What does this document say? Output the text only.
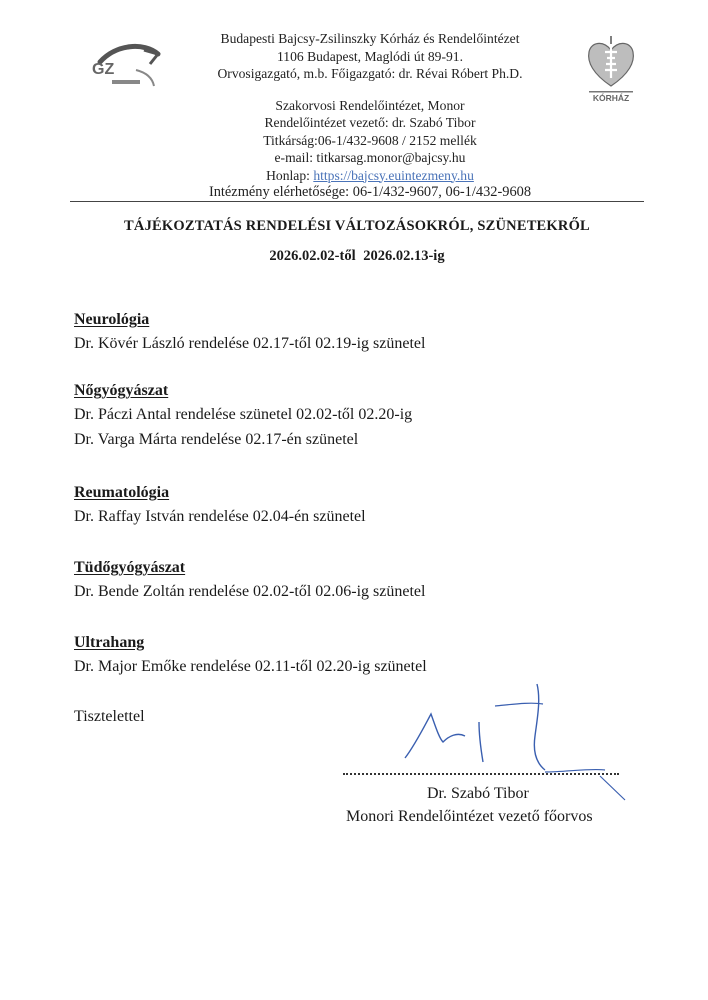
GZ
KÓRHÁZ
Budapesti Bajcsy-Zsilinszky Kórház és Rendelőintézet
1106 Budapest, Maglódi út 89-91.
Orvosigazgató, m.b. Főigazgató: dr. Révai Róbert Ph.D.
Szakorvosi Rendelőintézet, Monor
Rendelőintézet vezető: dr. Szabó Tibor
Titkárság:06-1/432-9608 / 2152 mellék
e-mail: titkarsag.monor@bajcsy.hu
Honlap: https://bajcsy.euintezmeny.hu
Intézmény elérhetősége: 06-1/432-9607, 06-1/432-9608
TÁJÉKOZTATÁS RENDELÉSI VÁLTOZÁSOKRÓL, SZÜNETEKRŐL
2026.02.02-től 2026.02.13-ig
Neurológia
Dr. Kövér László rendelése 02.17-től 02.19-ig szünetel
Nőgyógyászat
Dr. Páczi Antal rendelése szünetel 02.02-től 02.20-ig
Dr. Varga Márta rendelése 02.17-én szünetel
Reumatológia
Dr. Raffay István rendelése 02.04-én szünetel
Tüdőgyógyászat
Dr. Bende Zoltán rendelése 02.02-től 02.06-ig szünetel
Ultrahang
Dr. Major Emőke rendelése 02.11-től 02.20-ig szünetel
Tisztelettel
Dr. Szabó Tibor
Monori Rendelőintézet vezető főorvos
